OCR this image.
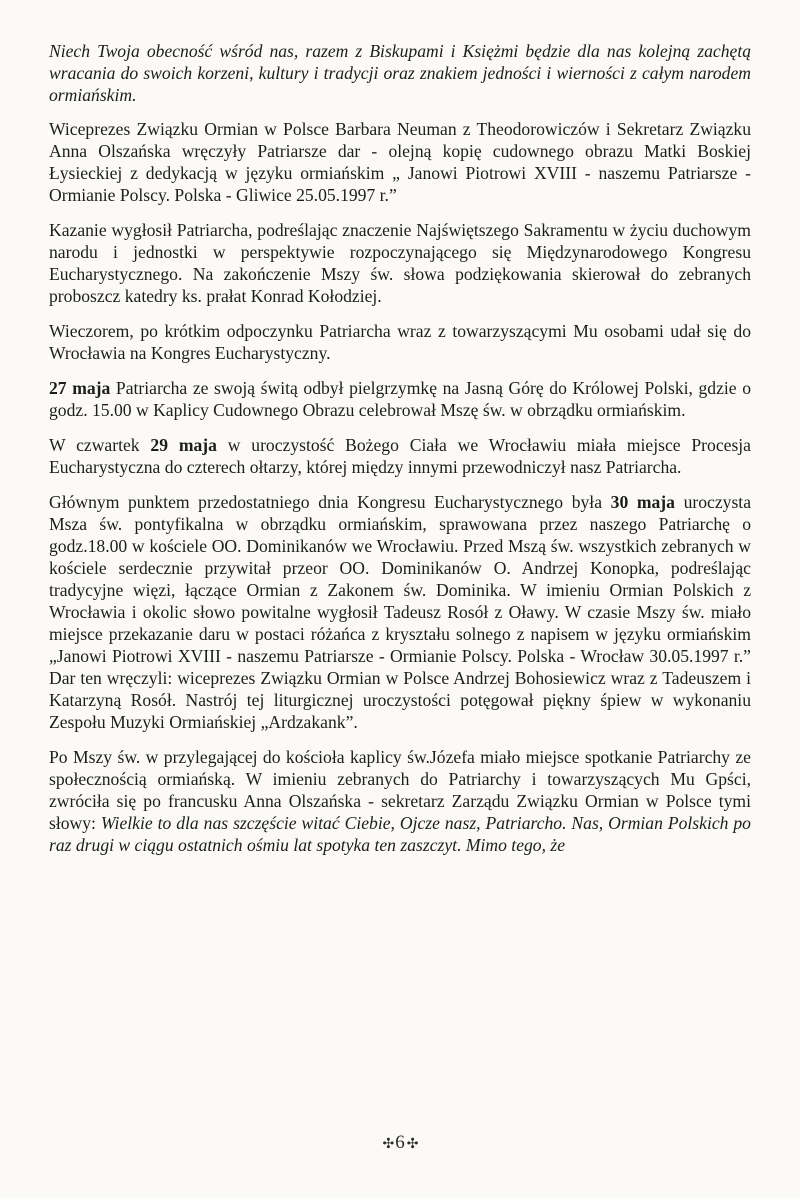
Niech Twoja obecność wśród nas, razem z Biskupami i Księżmi będzie dla nas kolejną zachętą wracania do swoich korzeni, kultury i tradycji oraz znakiem jedności i wierności z całym narodem ormiańskim.

Wiceprezes Związku Ormian w Polsce Barbara Neuman z Theodorowiczów i Sekretarz Związku Anna Olszańska wręczyły Patriarsze dar - olejną kopię cudownego obrazu Matki Boskiej Łysieckiej z dedykacją w języku ormiańskim „ Janowi Piotrowi XVIII - naszemu Patriarsze - Ormianie Polscy. Polska - Gliwice 25.05.1997 r.”

Kazanie wygłosił Patriarcha, podreślając znaczenie Najświętszego Sakramentu w życiu duchowym narodu i jednostki w perspektywie rozpoczynającego się Międzynarodowego Kongresu Eucharystycznego. Na zakończenie Mszy św. słowa podziękowania skierował do zebranych proboszcz katedry ks. prałat Konrad Kołodziej.

Wieczorem, po krótkim odpoczynku Patriarcha wraz z towarzyszącymi Mu osobami udał się do Wrocławia na Kongres Eucharystyczny.

27 maja Patriarcha ze swoją świtą odbył pielgrzymkę na Jasną Górę do Królowej Polski, gdzie o godz. 15.00 w Kaplicy Cudownego Obrazu celebrował Mszę św. w obrządku ormiańskim.

W czwartek 29 maja w uroczystość Bożego Ciała we Wrocławiu miała miejsce Procesja Eucharystyczna do czterech ołtarzy, której między innymi przewodniczył nasz Patriarcha.

Głównym punktem przedostatniego dnia Kongresu Eucharystycznego była 30 maja uroczysta Msza św. pontyfikalna w obrządku ormiańskim, sprawowana przez naszego Patriarchę o godz.18.00 w kościele OO. Dominikanów we Wrocławiu. Przed Mszą św. wszystkich zebranych w kościele serdecznie przywitał przeor OO. Dominikanów O. Andrzej Konopka, podreślając tradycyjne więzi, łączące Ormian z Zakonem św. Dominika. W imieniu Ormian Polskich z Wrocławia i okolic słowo powitalne wygłosił Tadeusz Rosół z Oławy. W czasie Mszy św. miało miejsce przekazanie daru w postaci różańca z kryształu solnego z napisem w języku ormiańskim „Janowi Piotrowi XVIII - naszemu Patriarsze - Ormianie Polscy. Polska - Wrocław 30.05.1997 r.” Dar ten wręczyli: wiceprezes Związku Ormian w Polsce Andrzej Bohosiewicz wraz z Tadeuszem i Katarzyną Rosół. Nastrój tej liturgicznej uroczystości potęgował piękny śpiew w wykonaniu Zespołu Muzyki Ormiańskiej „Ardzakank”.

Po Mszy św. w przylegającej do kościoła kaplicy św.Józefa miało miejsce spotkanie Patriarchy ze społecznością ormiańską. W imieniu zebranych do Patriarchy i towarzyszących Mu Gpści, zwróciła się po francusku Anna Olszańska - sekretarz Zarządu Związku Ormian w Polsce tymi słowy: Wielkie to dla nas szczęście witać Ciebie, Ojcze nasz, Patriarcho. Nas, Ormian Polskich po raz drugi w ciągu ostatnich ośmiu lat spotyka ten zaszczyt. Mimo tego, że

✣ 6 ✣
